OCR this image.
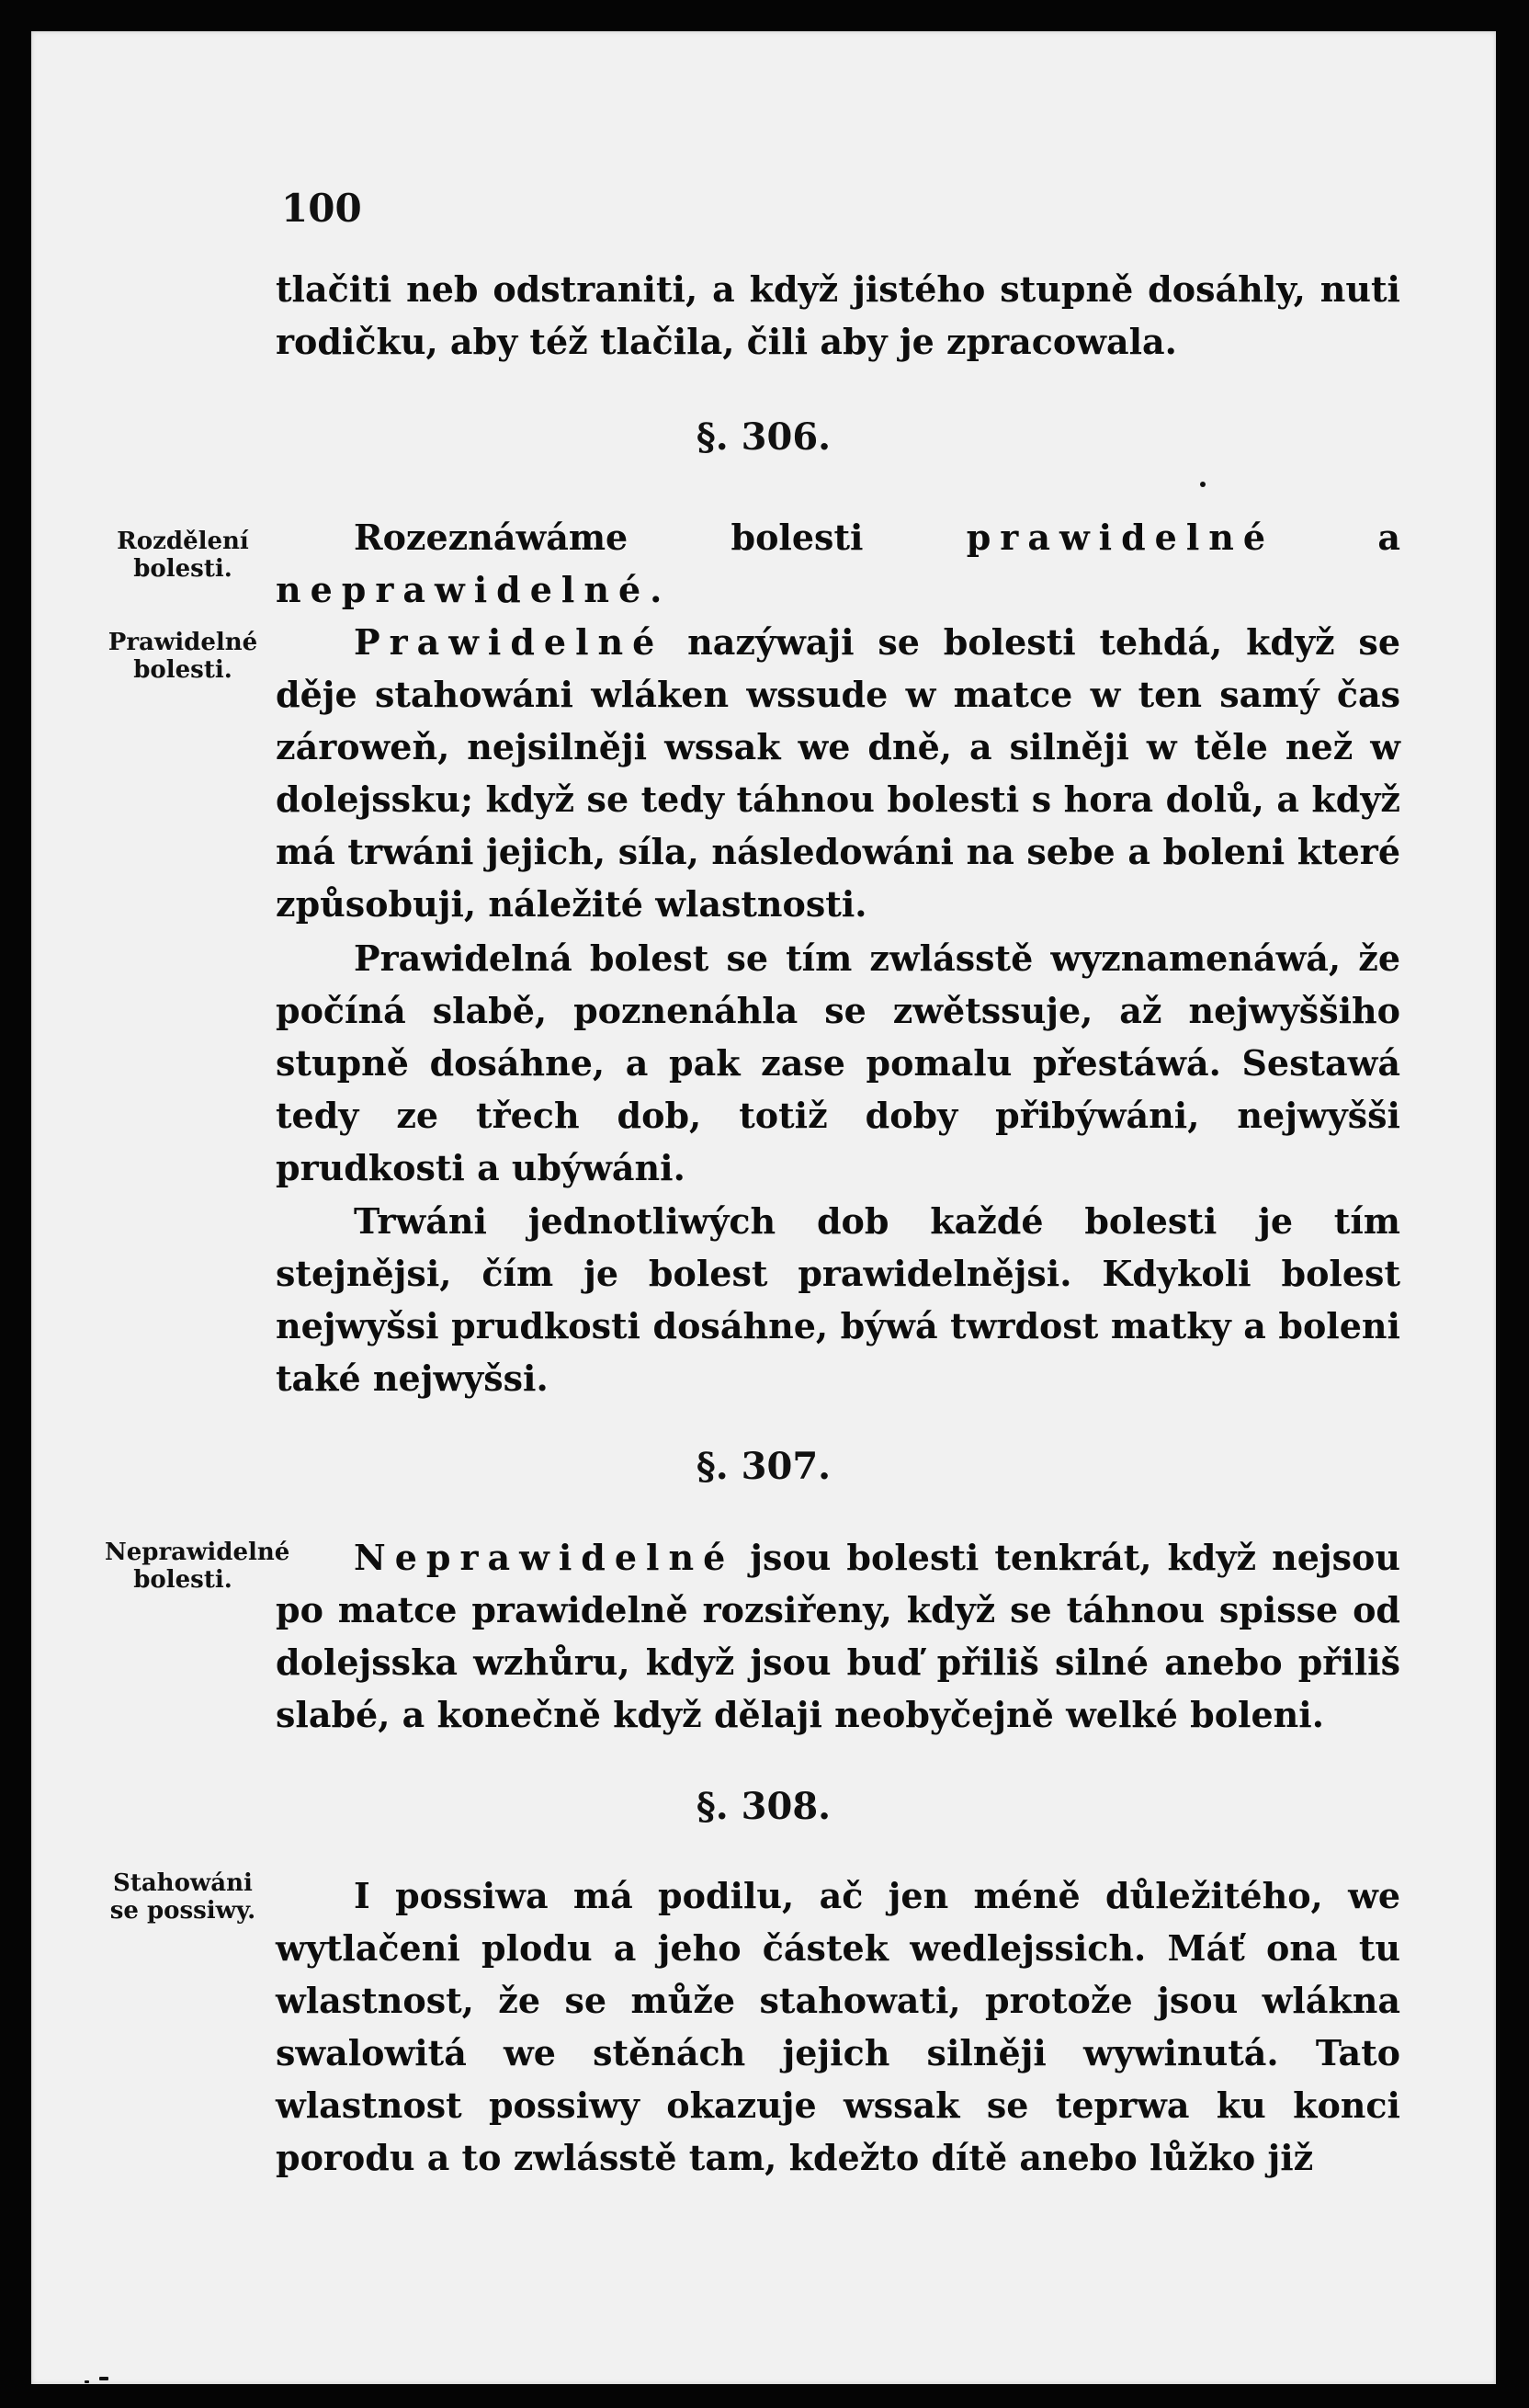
100
tlačiti neb odstraniti, a když jistého stupně dosáhly, nuti rodičku, aby též tlačila, čili aby je zpracowala.
§. 306.
Rozdělení bolesti.
Rozeznáwáme bolesti	prawidelné	a neprawidelné.
Prawidelné bolesti.
Prawidelné nazýwaji se bolesti tehdá, když se děje stahowáni wláken wssude w matce w ten samý čas zároweň, nejsilněji wssak we dně, a silněji w těle než w dolejssku; když se tedy táhnou bolesti s hora dolů, a když má trwáni jejich, síla, následowáni na sebe a boleni které způsobuji, náležité wlastnosti.
Prawidelná bolest se tím zwlásstě wyznamenáwá, že počíná slabě, poznenáhla se zwětssuje, až nejwyššiho stupně dosáhne, a pak zase pomalu přestáwá. Sestawá tedy ze třech dob, totiž doby přibýwáni, nejwyšši prudkosti a ubýwáni.
Trwáni jednotliwých dob každé bolesti je tím stejnějsi, čím je bolest prawidelnějsi. Kdykoli bolest nejwyšsi prudkosti dosáhne, býwá twrdost matky a boleni také nejwyšsi.
§. 307.
Neprawidelné bolesti.
Neprawidelné jsou bolesti tenkrát, když nejsou po matce prawidelně rozsiřeny, když se táhnou spisse od dolejsska wzhůru, když jsou buď přiliš silné anebo přiliš slabé, a konečně když dělaji neobyčejně welké boleni.
§. 308.
Stahowáni se possiwy.	I possiwa má podilu, ač jen méně důležitého, we wytlačeni plodu a jeho částek wedlejssich. Máť ona tu wlastnost, že se může stahowati, protože jsou wlákna swalowitá we stěnách jejich silněji wywinutá. Tato wlastnost possiwy okazuje wssak se teprwa ku konci porodu a to zwlásstě tam, kdežto dítě anebo lůžko již
